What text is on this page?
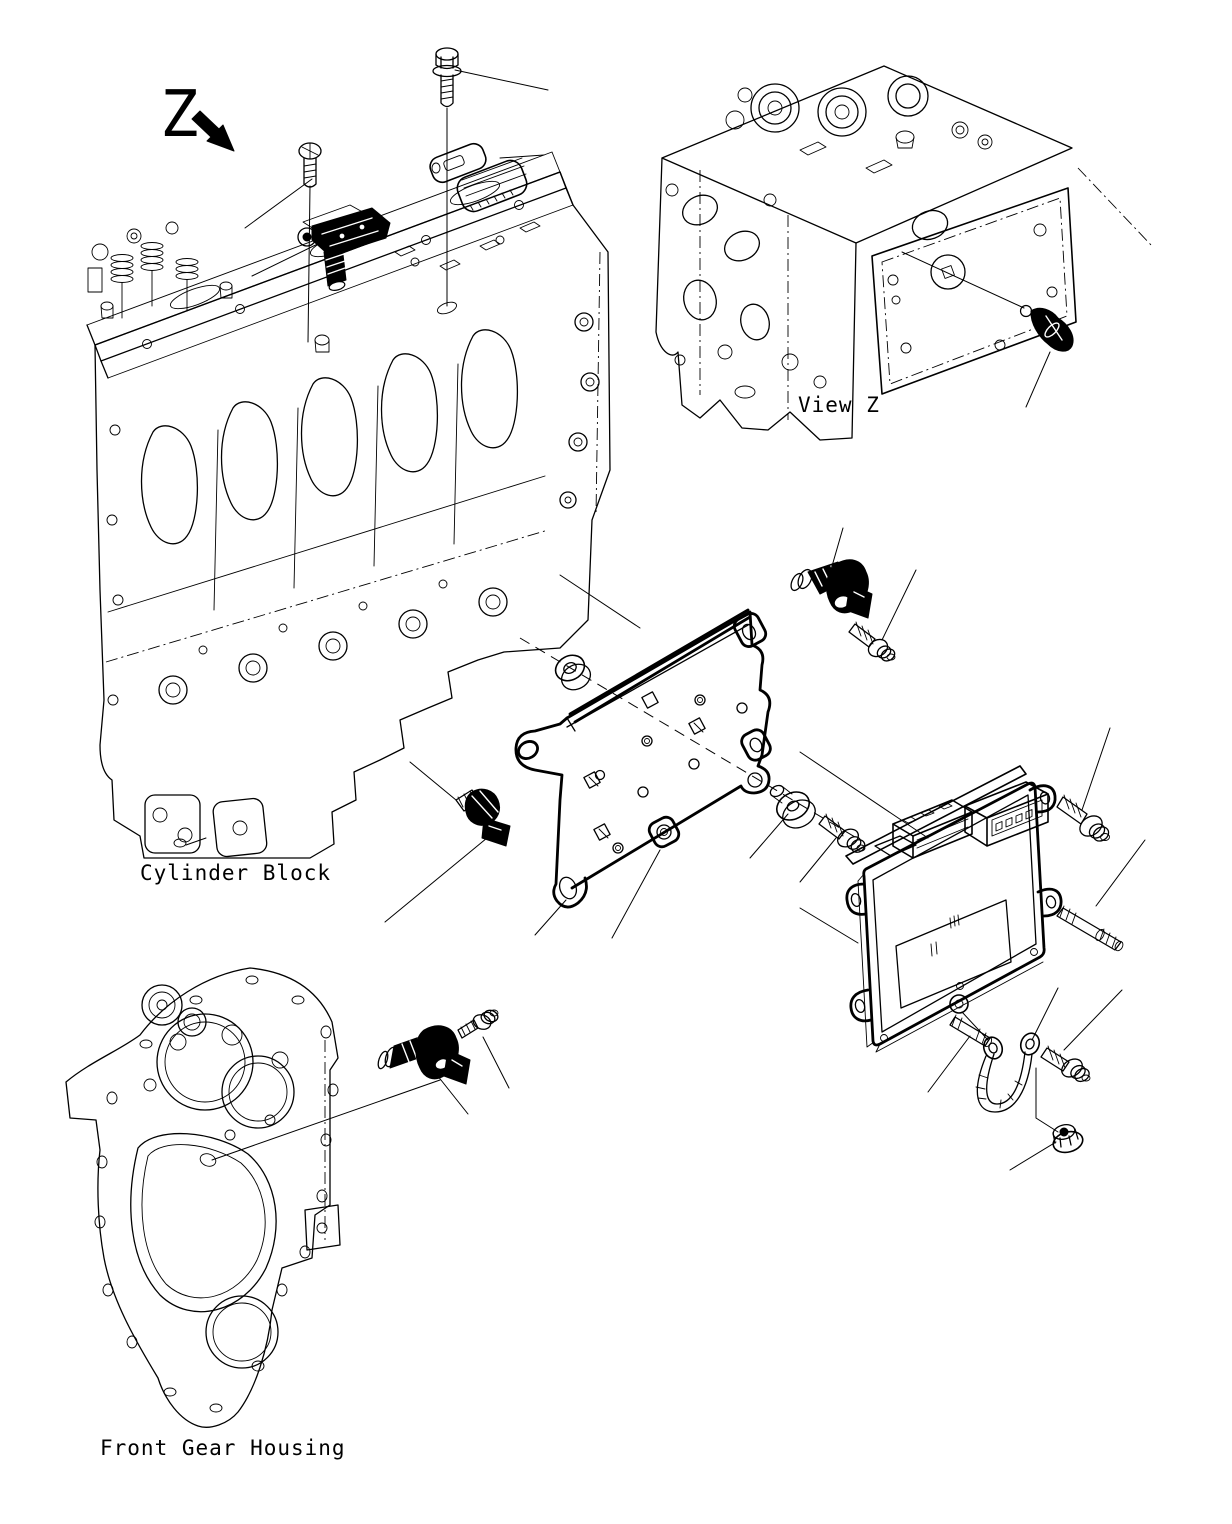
Z
View Z
Cylinder Block
Front Gear Housing
